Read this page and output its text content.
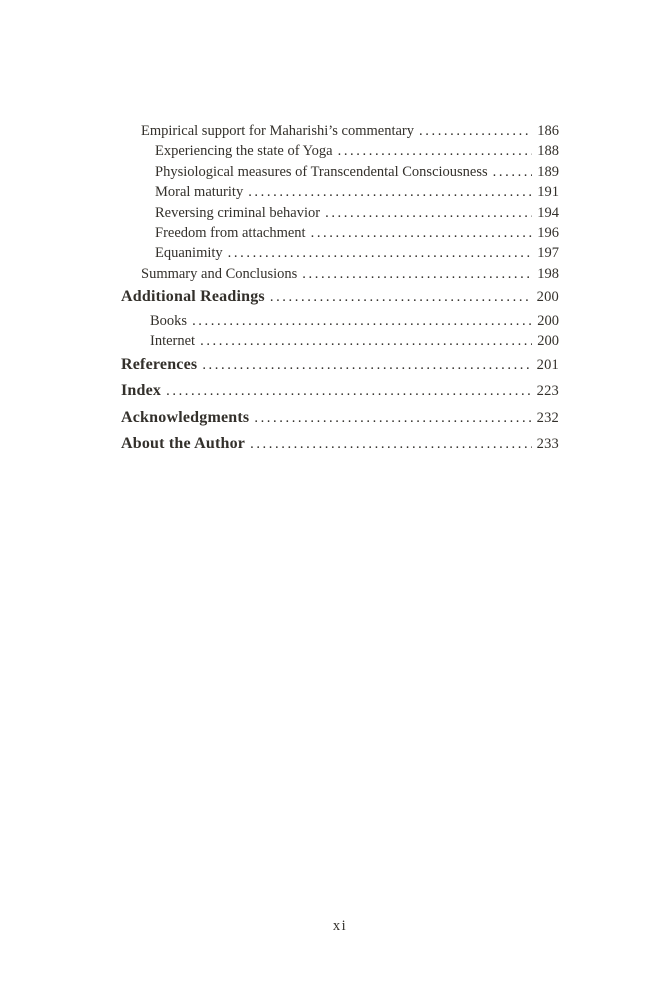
Empirical support for Maharishi’s commentary .....	186
Experiencing the state of Yoga .....	188
Physiological measures of Transcendental Consciousness .....	189
Moral maturity .....	191
Reversing criminal behavior .....	194
Freedom from attachment .....	196
Equanimity .....	197
Summary and Conclusions .....	198
Additional Readings .....	200
Books .....	200
Internet .....	200
References .....	201
Index .....	223
Acknowledgments .....	232
About the Author .....	233
xi
